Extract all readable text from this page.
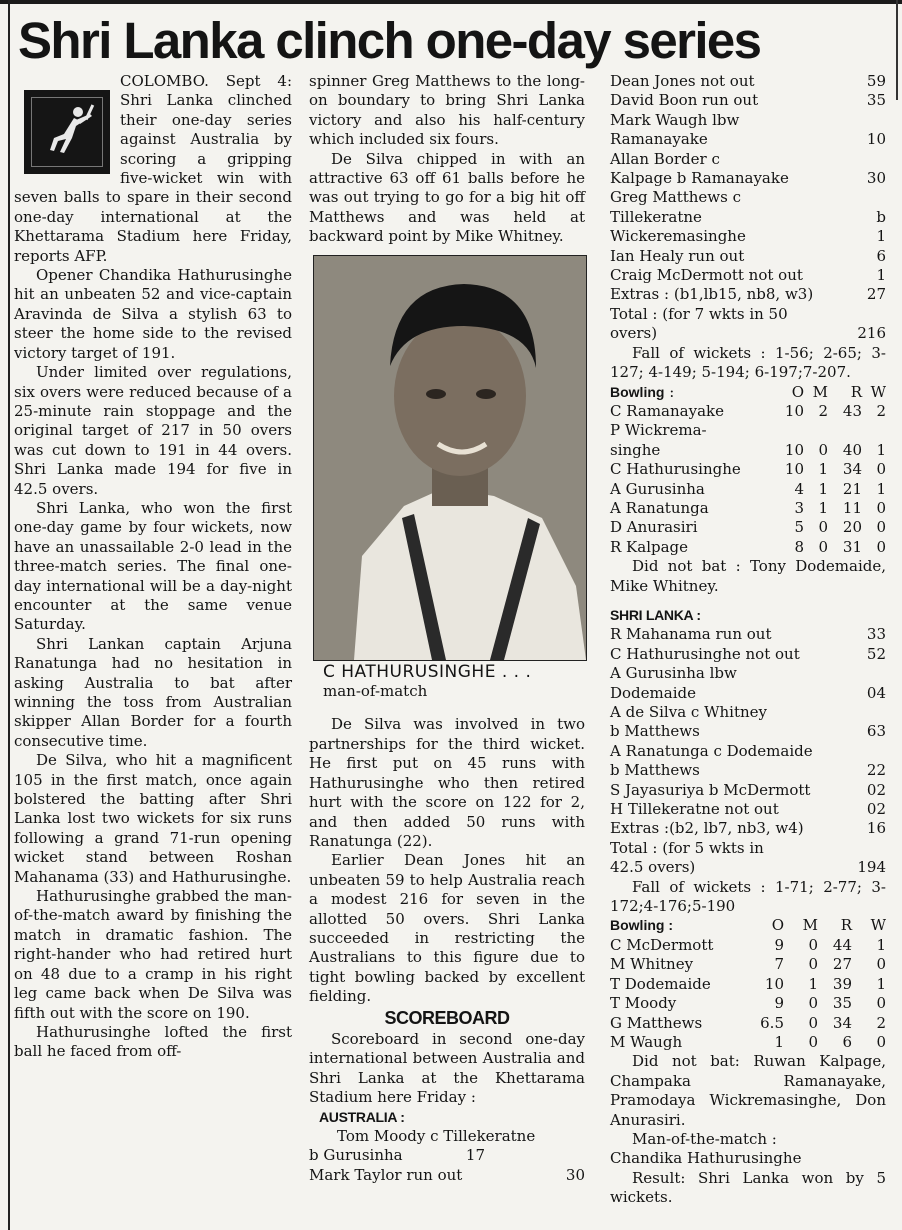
Shri Lanka clinch one-day series

COLOMBO. Sept 4: Shri Lanka clinched their one-day series against Australia by scoring a gripping five-wicket win with seven balls to spare in their second one-day international at the Khettarama Stadium here Friday, reports AFP.

Opener Chandika Hathurusinghe hit an unbeaten 52 and vice-captain Aravinda de Silva a stylish 63 to steer the home side to the revised victory target of 191.

Under limited over regulations, six overs were reduced because of a 25-minute rain stoppage and the original target of 217 in 50 overs was cut down to 191 in 44 overs. Shri Lanka made 194 for five in 42.5 overs.

Shri Lanka, who won the first one-day game by four wickets, now have an unassailable 2-0 lead in the three-match series. The final one-day international will be a day-night encounter at the same venue Saturday.

Shri Lankan captain Arjuna Ranatunga had no hesitation in asking Australia to bat after winning the toss from Australian skipper Allan Border for a fourth consecutive time.

De Silva, who hit a magnificent 105 in the first match, once again bolstered the batting after Shri Lanka lost two wickets for six runs following a grand 71-run opening wicket stand between Roshan Mahanama (33) and Hathurusinghe.

Hathurusinghe grabbed the man-of-the-match award by finishing the match in dramatic fashion. The right-hander who had retired hurt on 48 due to a cramp in his right leg came back when De Silva was fifth out with the score on 190.

Hathurusinghe lofted the first ball he faced from off-

spinner Greg Matthews to the long-on boundary to bring Shri Lanka victory and also his half-century which included six fours.

De Silva chipped in with an attractive 63 off 61 balls before he was out trying to go for a big hit off Matthews and was held at backward point by Mike Whitney.

C HATHURUSINGHE . . .
man-of-match

De Silva was involved in two partnerships for the third wicket. He first put on 45 runs with Hathurusinghe who then retired hurt with the score on 122 for 2, and then added 50 runs with Ranatunga (22).

Earlier Dean Jones hit an unbeaten 59 to help Australia reach a modest 216 for seven in the allotted 50 overs. Shri Lanka succeeded in restricting the Australians to this figure due to tight bowling backed by excellent fielding.

SCOREBOARD

Scoreboard in second one-day international between Australia and Shri Lanka at the Khettarama Stadium here Friday :

AUSTRALIA :
Tom Moody c Tillekeratne
b Gurusinha	17
Mark Taylor run out	30
Dean Jones not out	59
David Boon run out	35
Mark Waugh lbw
Ramanayake	10
Allan Border c
Kalpage b Ramanayake	30
Greg Matthews c
Tillekeratne	b
Wickeremasinghe	1
Ian Healy run out	6
Craig McDermott not out	1
Extras : (b1,lb15, nb8, w3)	27
Total : (for 7 wkts in 50
overs)	216

Fall of wickets : 1-56; 2-65; 3-127; 4-149; 5-194; 6-197;7-207.

Bowling :	O M	R W
C Ramanayake	10 2 43 2
P Wickrema-
singhe	10 0 40 1
C Hathurusinghe	10 1 34 0
A Gurusinha	4 1 21 1
A Ranatunga	3 1 11 0
D Anurasiri	5 0 20 0
R Kalpage	8 0 31 0

Did not bat : Tony Dodemaide, Mike Whitney.

SHRI LANKA :
R Mahanama run out	33
C Hathurusinghe not out	52
A Gurusinha lbw
Dodemaide	04
A de Silva c Whitney
b Matthews	63
A Ranatunga c Dodemaide
b Matthews	22
S Jayasuriya b McDermott	02
H Tillekeratne not out	02
Extras :(b2, lb7, nb3, w4)	16
Total : (for 5 wkts in
42.5 overs)	194

Fall of wickets : 1-71; 2-77; 3-172;4-176;5-190

Bowling :	O	M	R	W
C McDermott	9	0 44	1
M Whitney	7	0 27	0
T Dodemaide	10	1 39	1
T Moody	9	0 35	0
G Matthews	6.5	0 34	2
M Waugh	1	0	6	0

Did not bat: Ruwan Kalpage, Champaka Ramanayake, Pramodaya Wickremasinghe, Don Anurasiri.

Man-of-the-match :

Chandika Hathurusinghe

Result: Shri Lanka won by 5 wickets.
